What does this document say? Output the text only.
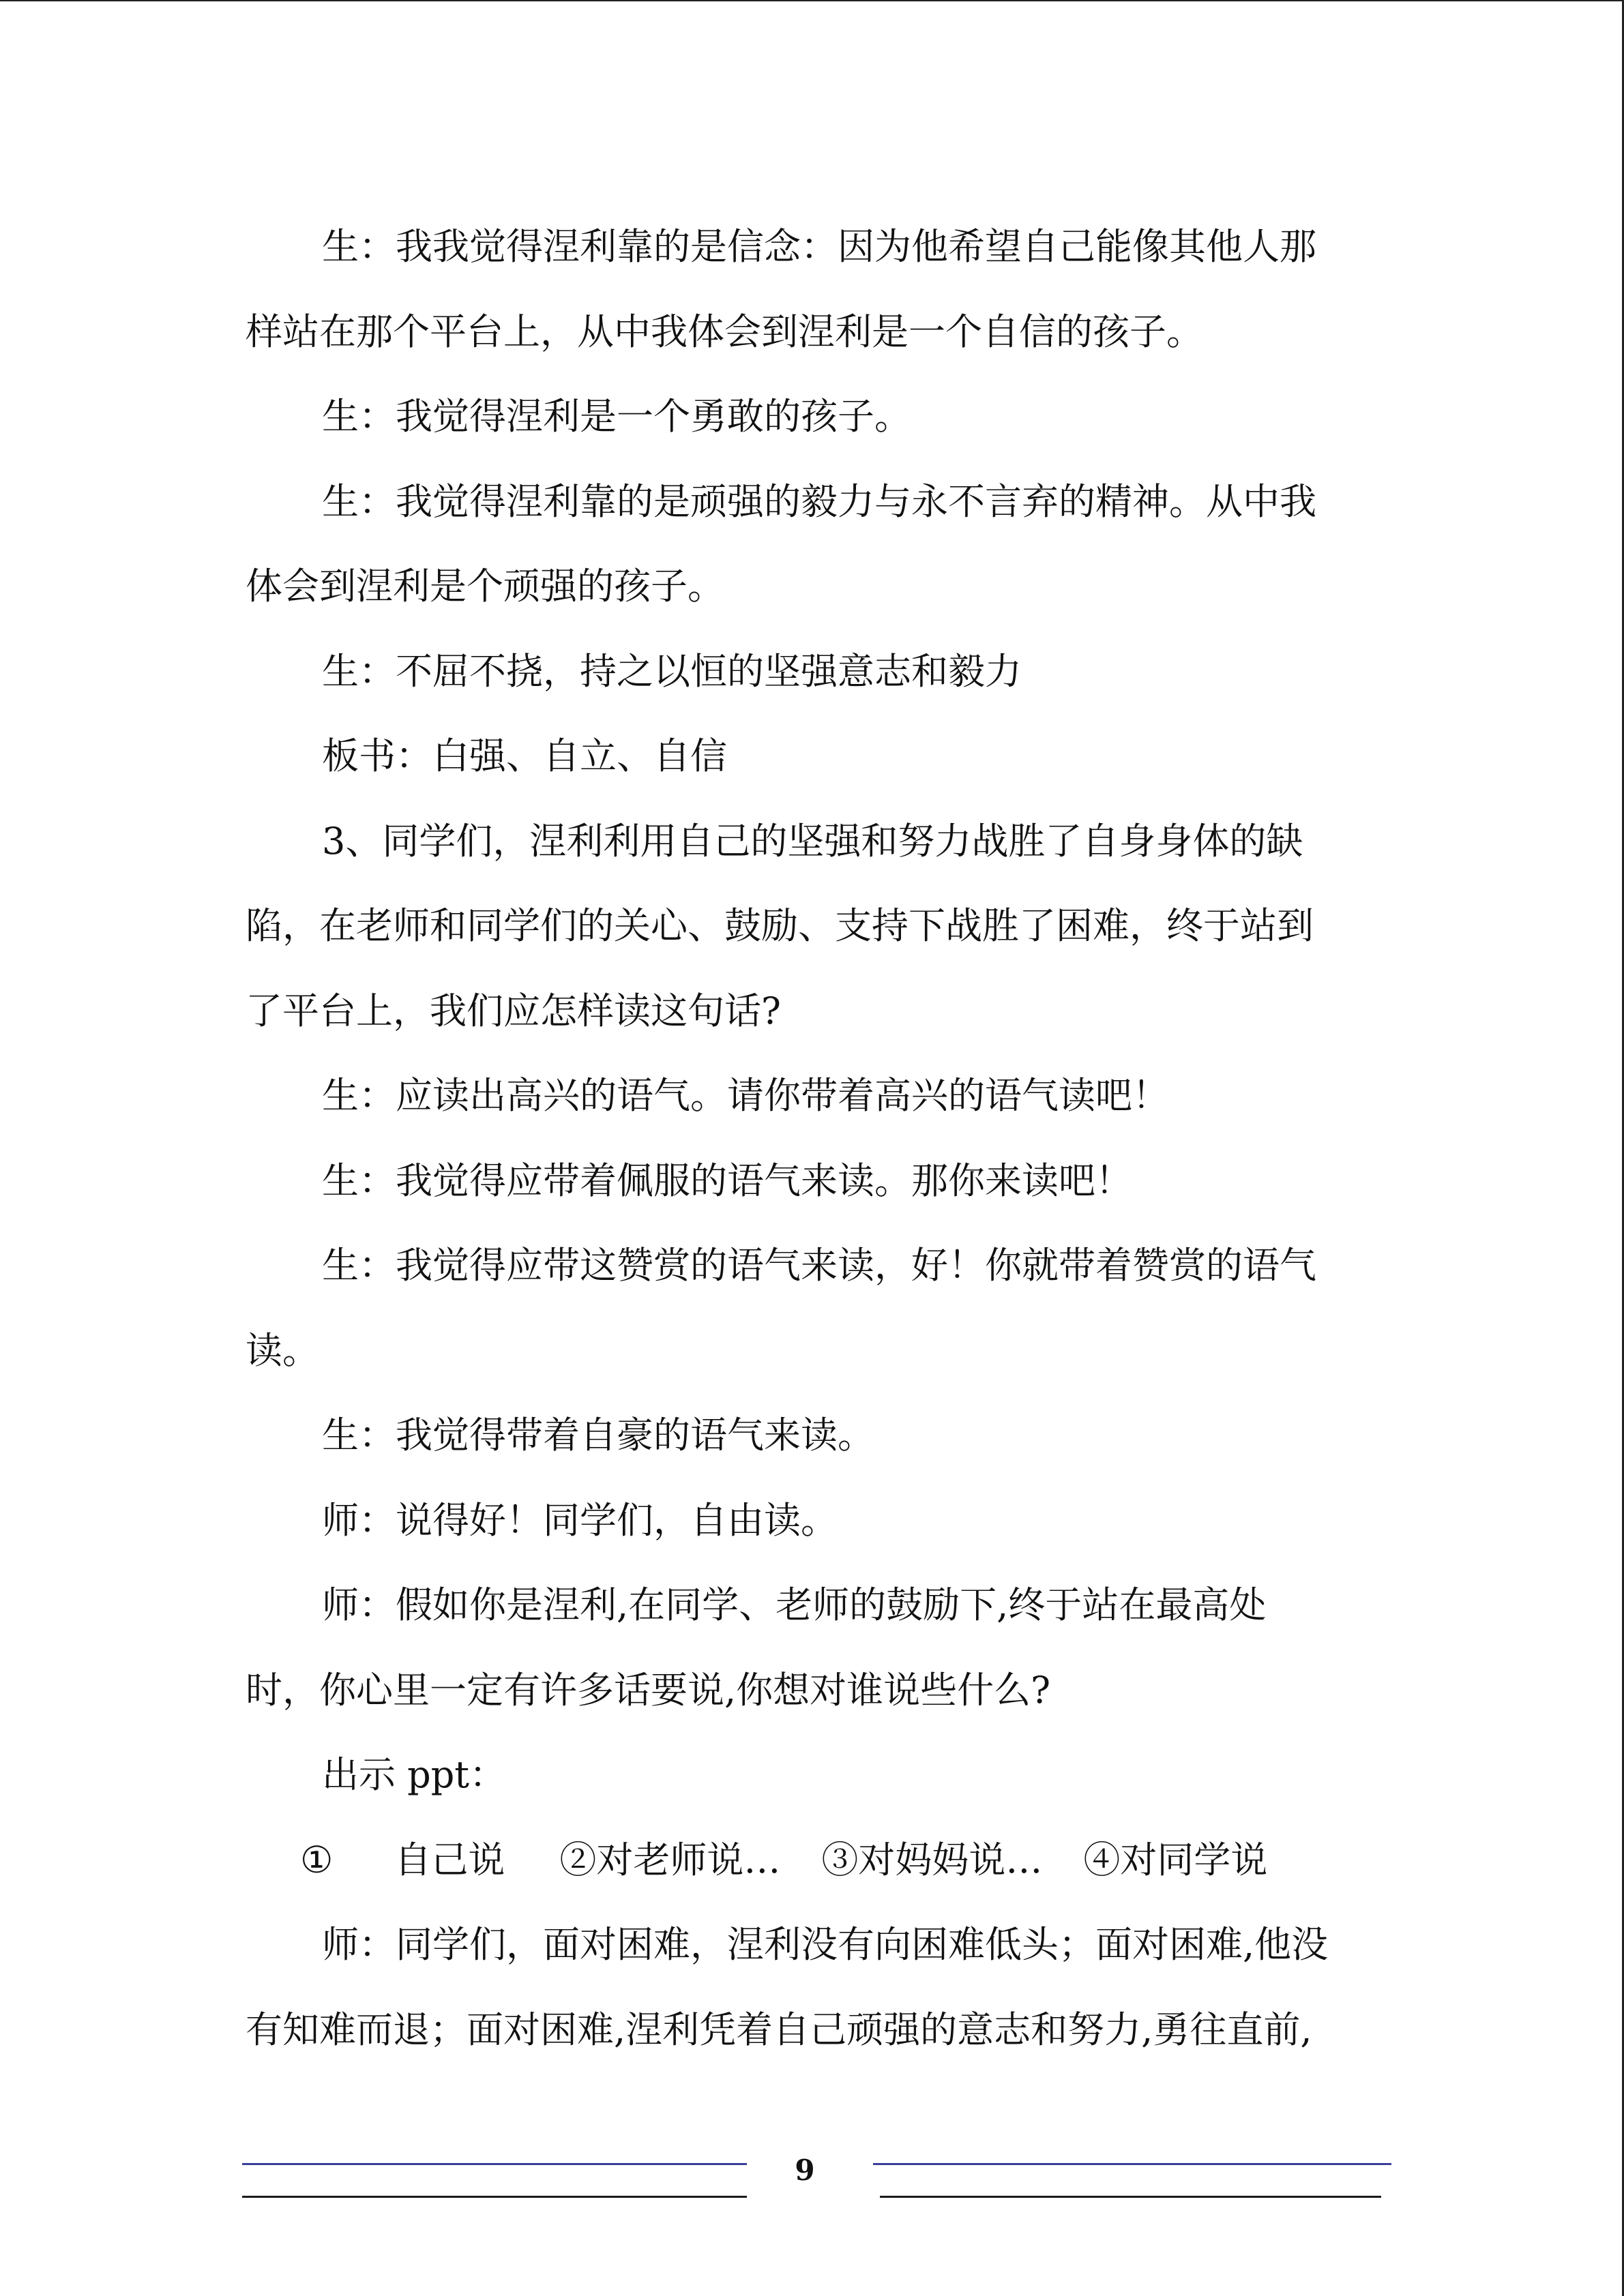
生：我我觉得涅利靠的是信念：因为他希望自己能像其他人那

样站在那个平台上，从中我体会到涅利是一个自信的孩子。

生：我觉得涅利是一个勇敢的孩子。

生：我觉得涅利靠的是顽强的毅力与永不言弃的精神。从中我

体会到涅利是个顽强的孩子。

生：不屈不挠，持之以恒的坚强意志和毅力

板书：白强、自立、自信

3、同学们，涅利利用自己的坚强和努力战胜了自身身体的缺

陷，在老师和同学们的关心、鼓励、支持下战胜了困难，终于站到

了平台上，我们应怎样读这句话?

生：应读出高兴的语气。请你带着高兴的语气读吧！

生：我觉得应带着佩服的语气来读。那你来读吧！

生：我觉得应带这赞赏的语气来读，好！你就带着赞赏的语气

读。

生：我觉得带着自豪的语气来读。

师：说得好！同学们，自由读。

师：假如你是涅利,在同学、老师的鼓励下,终于站在最高处

时，你心里一定有许多话要说,你想对谁说些什么?

出示 ppt：

① 自己说 ②对老师说… ③对妈妈说… ④对同学说

师：同学们，面对困难，涅利没有向困难低头；面对困难,他没

有知难而退；面对困难,涅利凭着自己顽强的意志和努力,勇往直前,

9
